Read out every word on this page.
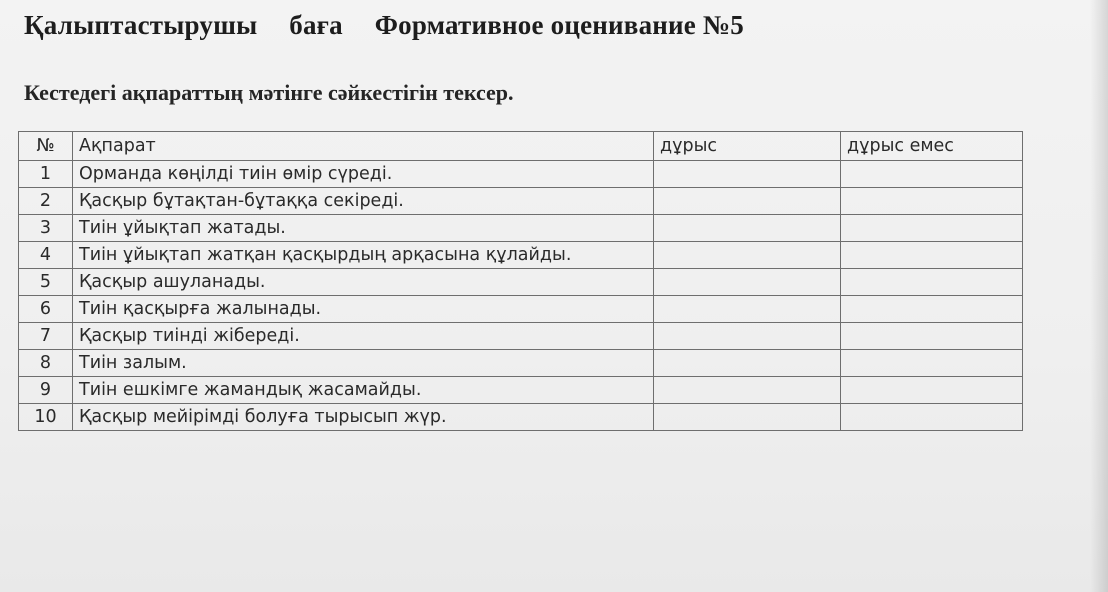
Қалыптастырушы баға Формативное оценивание №5
Кестедегі ақпараттың мәтінге сәйкестігін тексер.
№	Ақпарат	дұрыс	дұрыс емес
1	Орманда көңілді тиін өмір сүреді.		
2	Қасқыр бұтақтан-бұтаққа секіреді.		
3	Тиін ұйықтап жатады.		
4	Тиін ұйықтап жатқан қасқырдың арқасына құлайды.		
5	Қасқыр ашуланады.		
6	Тиін қасқырға жалынады.		
7	Қасқыр тиінді жібереді.		
8	Тиін залым.		
9	Тиін ешкімге жамандық жасамайды.		
10	Қасқыр мейірімді болуға тырысып жүр.		
